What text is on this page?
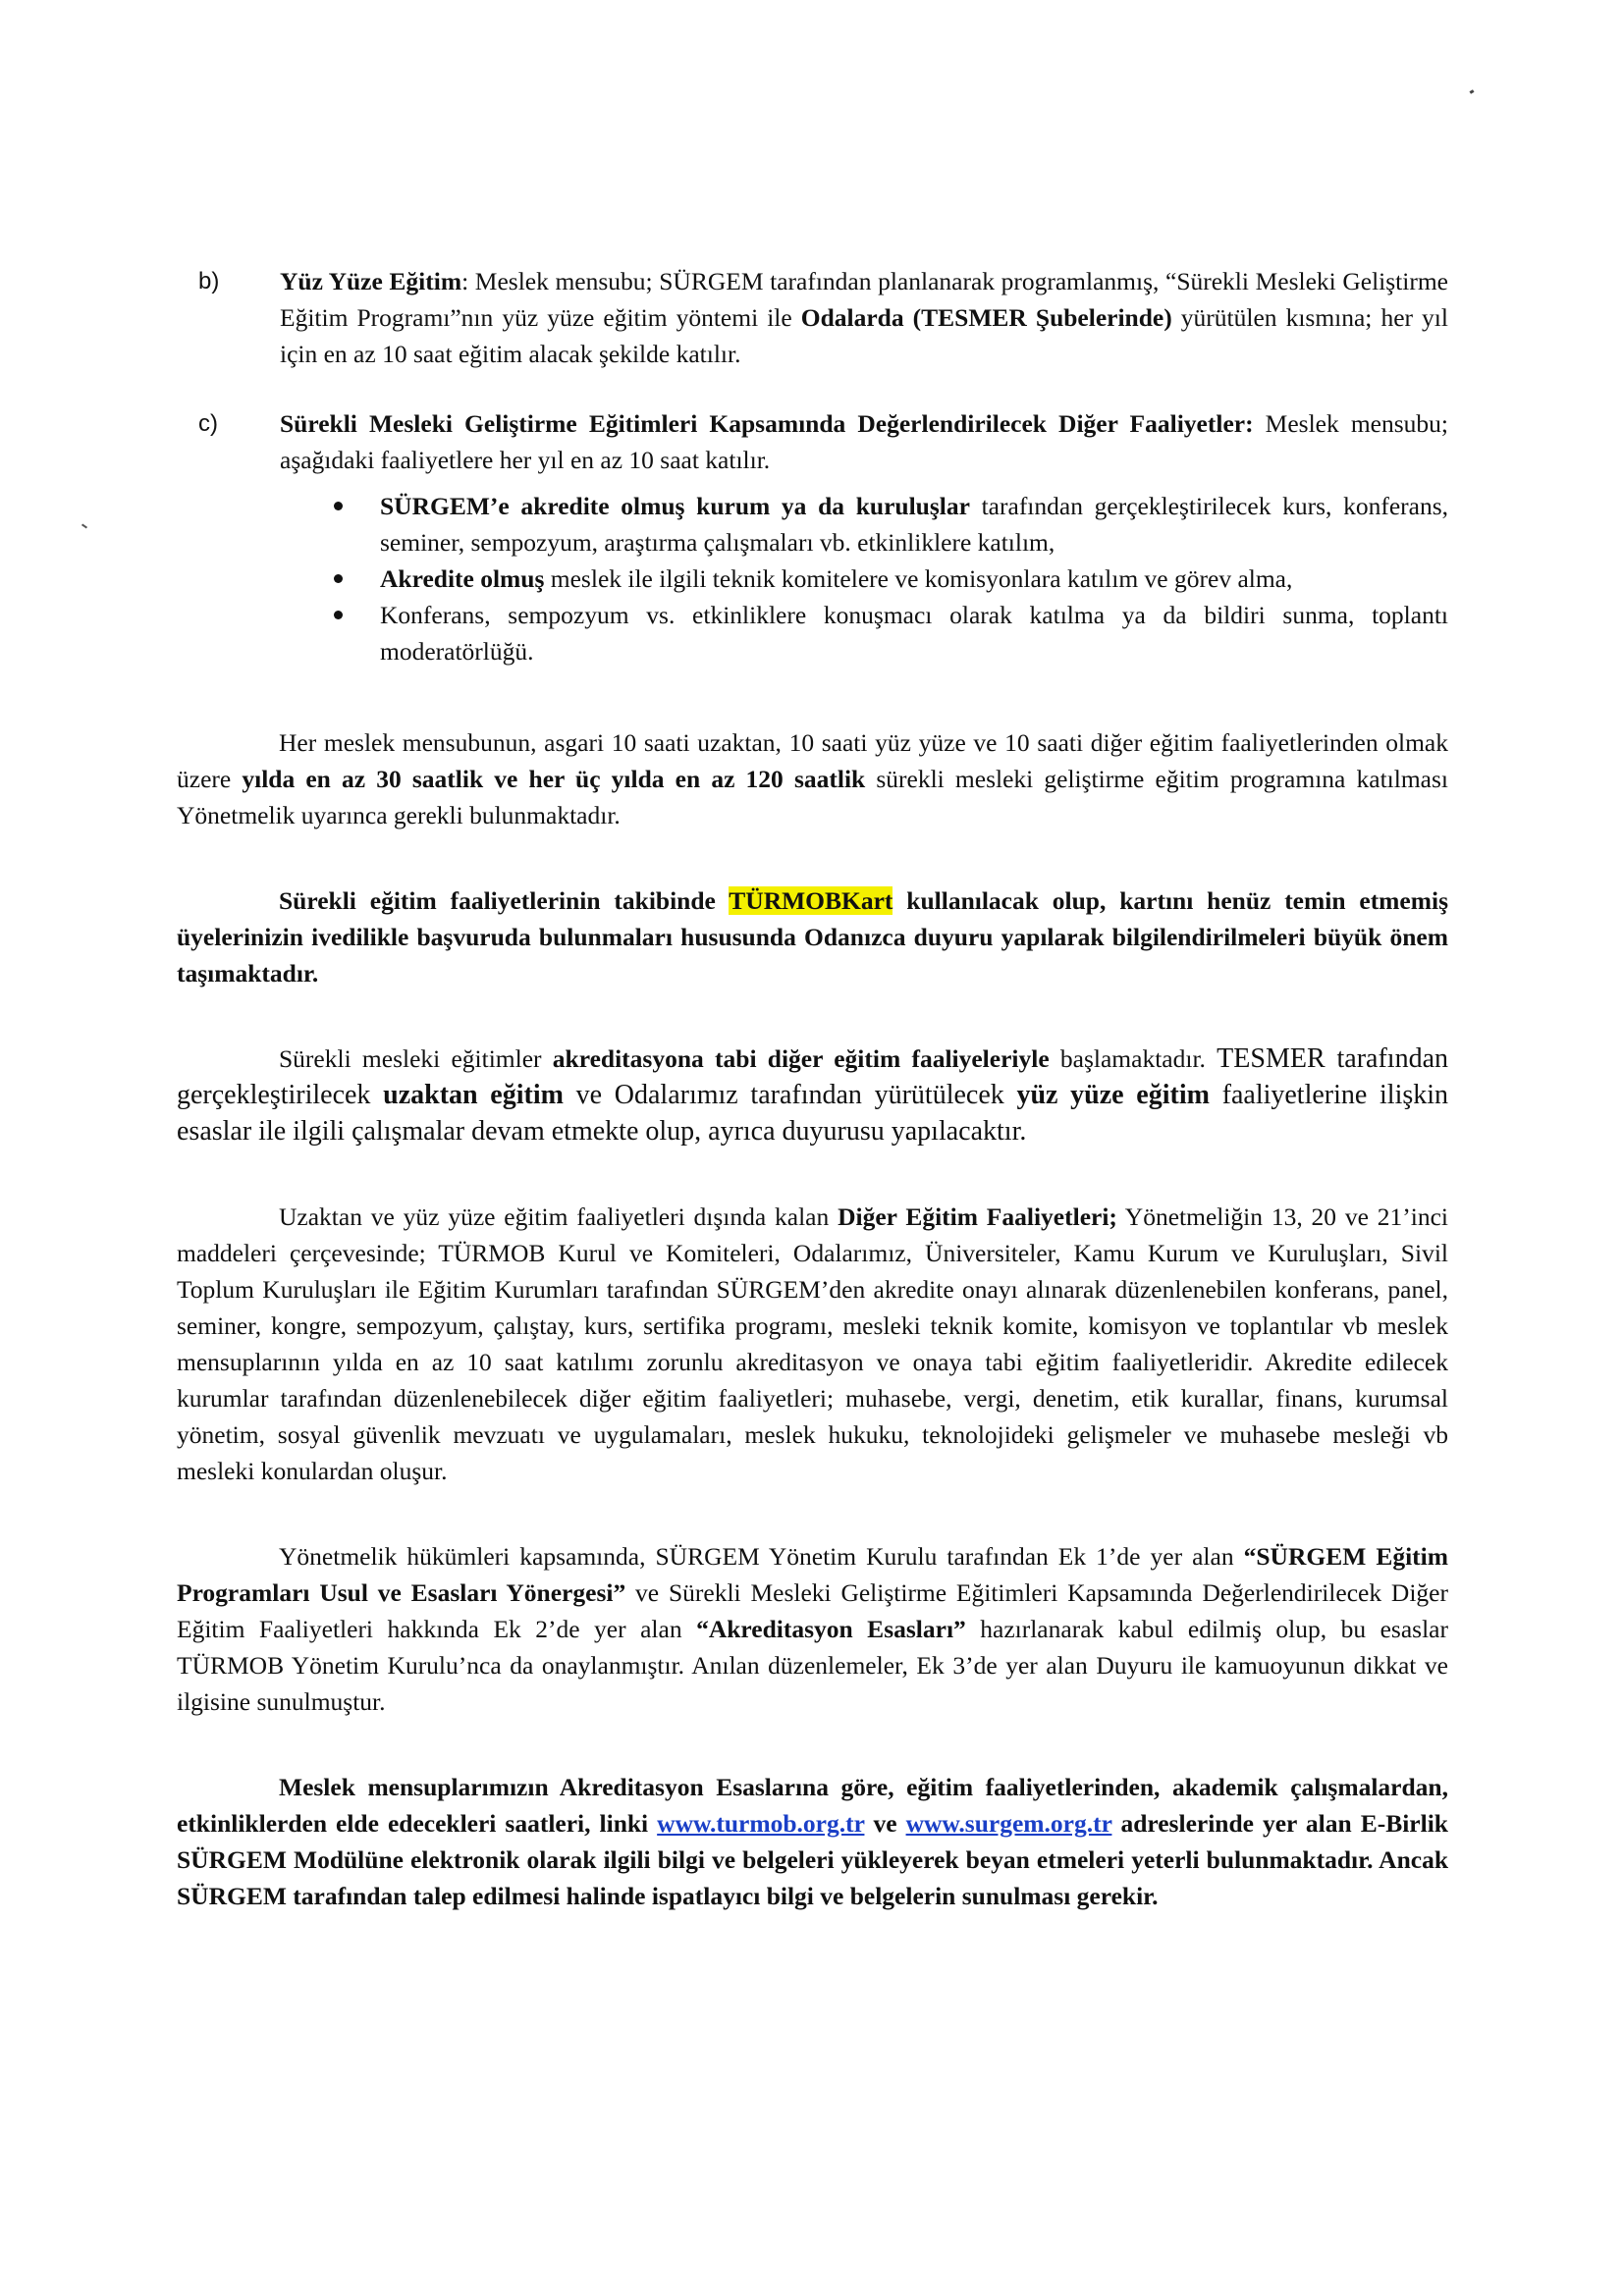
b) Yüz Yüze Eğitim: Meslek mensubu; SÜRGEM tarafından planlanarak programlanmış, “Sürekli Mesleki Geliştirme Eğitim Programı”nın yüz yüze eğitim yöntemi ile Odalarda (TESMER Şubelerinde) yürütülen kısmına; her yıl için en az 10 saat eğitim alacak şekilde katılır.
c) Sürekli Mesleki Geliştirme Eğitimleri Kapsamında Değerlendirilecek Diğer Faaliyetler: Meslek mensubu; aşağıdaki faaliyetlere her yıl en az 10 saat katılır.
SÜRGEM’e akredite olmuş kurum ya da kuruluşlar tarafından gerçekleştirilecek kurs, konferans, seminer, sempozyum, araştırma çalışmaları vb. etkinliklere katılım,
Akredite olmuş meslek ile ilgili teknik komitelere ve komisyonlara katılım ve görev alma,
Konferans, sempozyum vs. etkinliklere konuşmacı olarak katılma ya da bildiri sunma, toplantı moderatörlüğü.

Her meslek mensubunun, asgari 10 saati uzaktan, 10 saati yüz yüze ve 10 saati diğer eğitim faaliyetlerinden olmak üzere yılda en az 30 saatlik ve her üç yılda en az 120 saatlik sürekli mesleki geliştirme eğitim programına katılması Yönetmelik uyarınca gerekli bulunmaktadır.

Sürekli eğitim faaliyetlerinin takibinde TÜRMOBKart kullanılacak olup, kartını henüz temin etmemiş üyelerinizin ivedilikle başvuruda bulunmaları hususunda Odanızca duyuru yapılarak bilgilendirilmeleri büyük önem taşımaktadır.

Sürekli mesleki eğitimler akreditasyona tabi diğer eğitim faaliyeleriyle başlamaktadır. TESMER tarafından gerçekleştirilecek uzaktan eğitim ve Odalarımız tarafından yürütülecek yüz yüze eğitim faaliyetlerine ilişkin esaslar ile ilgili çalışmalar devam etmekte olup, ayrıca duyurusu yapılacaktır.

Uzaktan ve yüz yüze eğitim faaliyetleri dışında kalan Diğer Eğitim Faaliyetleri; Yönetmeliğin 13, 20 ve 21’inci maddeleri çerçevesinde; TÜRMOB Kurul ve Komiteleri, Odalarımız, Üniversiteler, Kamu Kurum ve Kuruluşları, Sivil Toplum Kuruluşları ile Eğitim Kurumları tarafından SÜRGEM’den akredite onayı alınarak düzenlenebilen konferans, panel, seminer, kongre, sempozyum, çalıştay, kurs, sertifika programı, mesleki teknik komite, komisyon ve toplantılar vb meslek mensuplarının yılda en az 10 saat katılımı zorunlu akreditasyon ve onaya tabi eğitim faaliyetleridir. Akredite edilecek kurumlar tarafından düzenlenebilecek diğer eğitim faaliyetleri; muhasebe, vergi, denetim, etik kurallar, finans, kurumsal yönetim, sosyal güvenlik mevzuatı ve uygulamaları, meslek hukuku, teknolojideki gelişmeler ve muhasebe mesleği vb mesleki konulardan oluşur.

Yönetmelik hükümleri kapsamında, SÜRGEM Yönetim Kurulu tarafından Ek 1’de yer alan “SÜRGEM Eğitim Programları Usul ve Esasları Yönergesi” ve Sürekli Mesleki Geliştirme Eğitimleri Kapsamında Değerlendirilecek Diğer Eğitim Faaliyetleri hakkında Ek 2’de yer alan “Akreditasyon Esasları” hazırlanarak kabul edilmiş olup, bu esaslar TÜRMOB Yönetim Kurulu’nca da onaylanmıştır. Anılan düzenlemeler, Ek 3’de yer alan Duyuru ile kamuoyunun dikkat ve ilgisine sunulmuştur.

Meslek mensuplarımızın Akreditasyon Esaslarına göre, eğitim faaliyetlerinden, akademik çalışmalardan, etkinliklerden elde edecekleri saatleri, linki www.turmob.org.tr ve www.surgem.org.tr adreslerinde yer alan E-Birlik SÜRGEM Modülüne elektronik olarak ilgili bilgi ve belgeleri yükleyerek beyan etmeleri yeterli bulunmaktadır. Ancak SÜRGEM tarafından talep edilmesi halinde ispatlayıcı bilgi ve belgelerin sunulması gerekir.
